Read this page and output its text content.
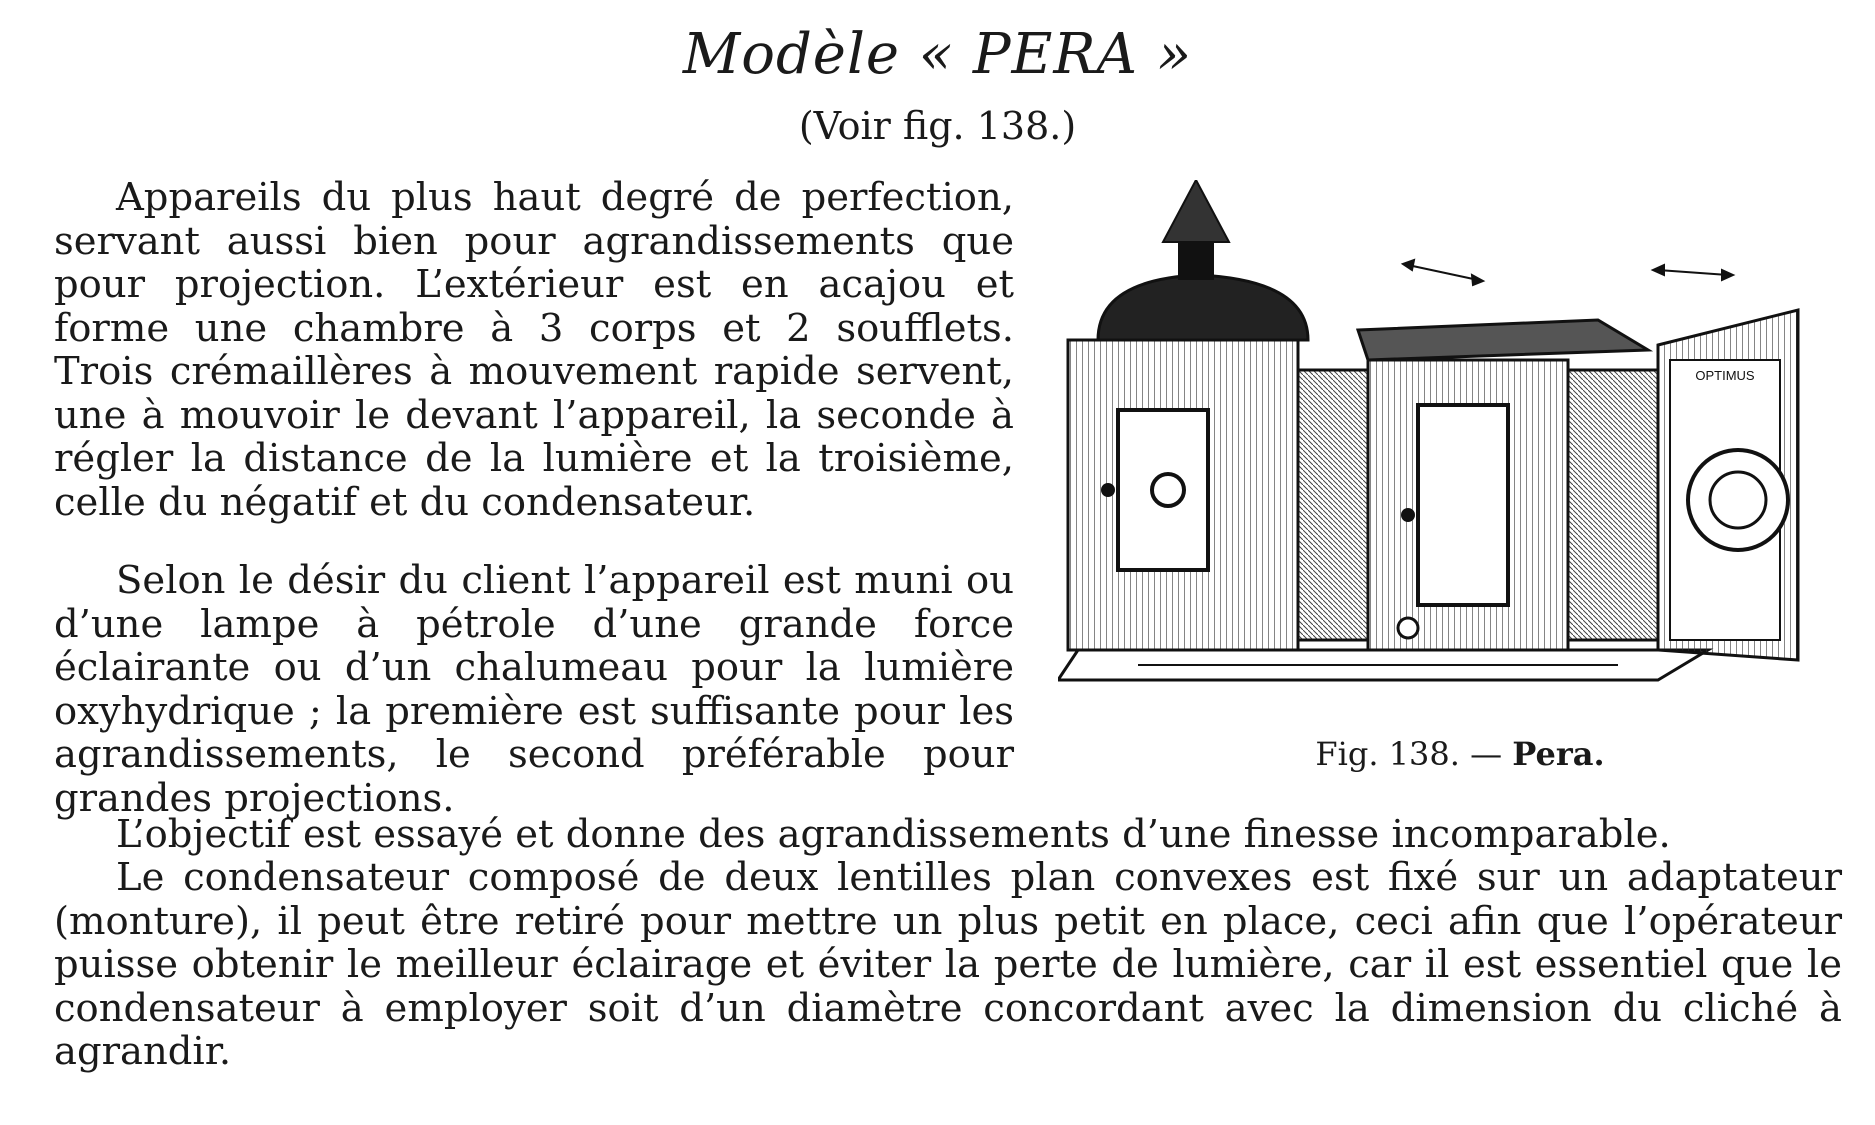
Modèle « PERA »
(Voir fig. 138.)

Appareils du plus haut degré de perfection, servant aussi bien pour agrandissements que pour projection. L’extérieur est en acajou et forme une chambre à 3 corps et 2 soufflets. Trois crémaillères à mouvement rapide servent, une à mouvoir le devant l’appareil, la seconde à régler la distance de la lumière et la troisième, celle du négatif et du condensateur.

Selon le désir du client l’appareil est muni ou d’une lampe à pétrole d’une grande force éclairante ou d’un chalumeau pour la lumière oxyhydrique ; la première est suffisante pour les agrandissements, le second préférable pour grandes projections.

L’objectif est essayé et donne des agrandissements d’une finesse incomparable.

Le condensateur composé de deux lentilles plan convexes est fixé sur un adaptateur (monture), il peut être retiré pour mettre un plus petit en place, ceci afin que l’opérateur puisse obtenir le meilleur éclairage et éviter la perte de lumière, car il est essentiel que le condensateur à employer soit d’un diamètre concordant avec la dimension du cliché à agrandir.

OPTIMUS
Fig. 138. — Pera.
